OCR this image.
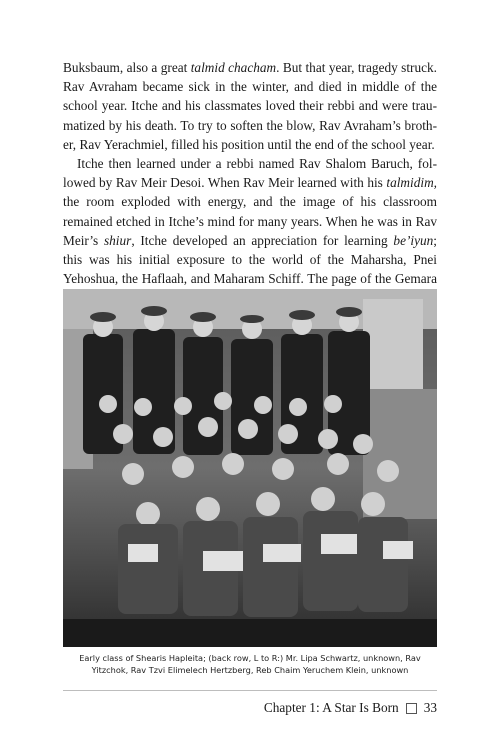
Buksbaum, also a great talmid chacham. But that year, tragedy struck. Rav Avraham became sick in the winter, and died in middle of the school year. Itche and his classmates loved their rebbi and were traumatized by his death. To try to soften the blow, Rav Avraham’s brother, Rav Yerachmiel, filled his position until the end of the school year.

Itche then learned under a rebbi named Rav Shalom Baruch, followed by Rav Meir Desoi. When Rav Meir learned with his talmidim, the room exploded with energy, and the image of his classroom remained etched in Itche’s mind for many years. When he was in Rav Meir’s shiur, Itche developed an appreciation for learning be’iyun; this was his initial exposure to the world of the Maharsha, Pnei Yehoshua, the Haflaah, and Maharam Schiff. The page of the Gemara

Early class of Shearis Hapleita; (back row, L to R:) Mr. Lipa Schwartz, unknown, Rav Yitzchok, Rav Tzvi Elimelech Hertzberg, Reb Chaim Yeruchem Klein, unknown
Chapter 1: A Star Is Born 33
